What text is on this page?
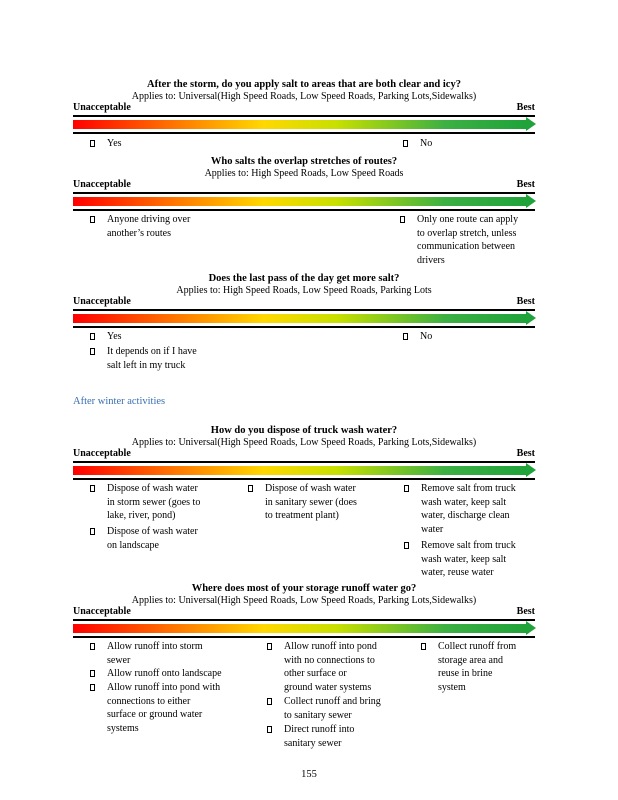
After the storm, do you apply salt to areas that are both clear and icy?
Applies to: Universal(High Speed Roads, Low Speed Roads, Parking Lots,Sidewalks)
Unacceptable	Best
Yes	No
Who salts the overlap stretches of routes?
Applies to: High Speed Roads, Low Speed Roads
Unacceptable	Best
Anyone driving over
another’s routes
Only one route can apply
to overlap stretch, unless
communication between
drivers
Does the last pass of the day get more salt?
Applies to: High Speed Roads, Low Speed Roads, Parking Lots
Unacceptable	Best
Yes
It depends on if I have
salt left in my truck
No
After winter activities
How do you dispose of truck wash water?
Applies to: Universal(High Speed Roads, Low Speed Roads, Parking Lots,Sidewalks)
Unacceptable	Best
Dispose of wash water
in storm sewer (goes to
lake, river, pond)
Dispose of wash water
on landscape
Dispose of wash water
in sanitary sewer (does
to treatment plant)
Remove salt from truck
wash water, keep salt
water, discharge clean
water
Remove salt from truck
wash water, keep salt
water, reuse water
Where does most of your storage runoff water go?
Applies to: Universal(High Speed Roads, Low Speed Roads, Parking Lots,Sidewalks)
Unacceptable	Best
Allow runoff into storm
sewer
Allow runoff onto landscape
Allow runoff into pond with
connections to either
surface or ground water
systems
Allow runoff into pond
with no connections to
other surface or
ground water systems
Collect runoff and bring
to sanitary sewer
Direct runoff into
sanitary sewer
Collect runoff from
storage area and
reuse in brine
system
155
